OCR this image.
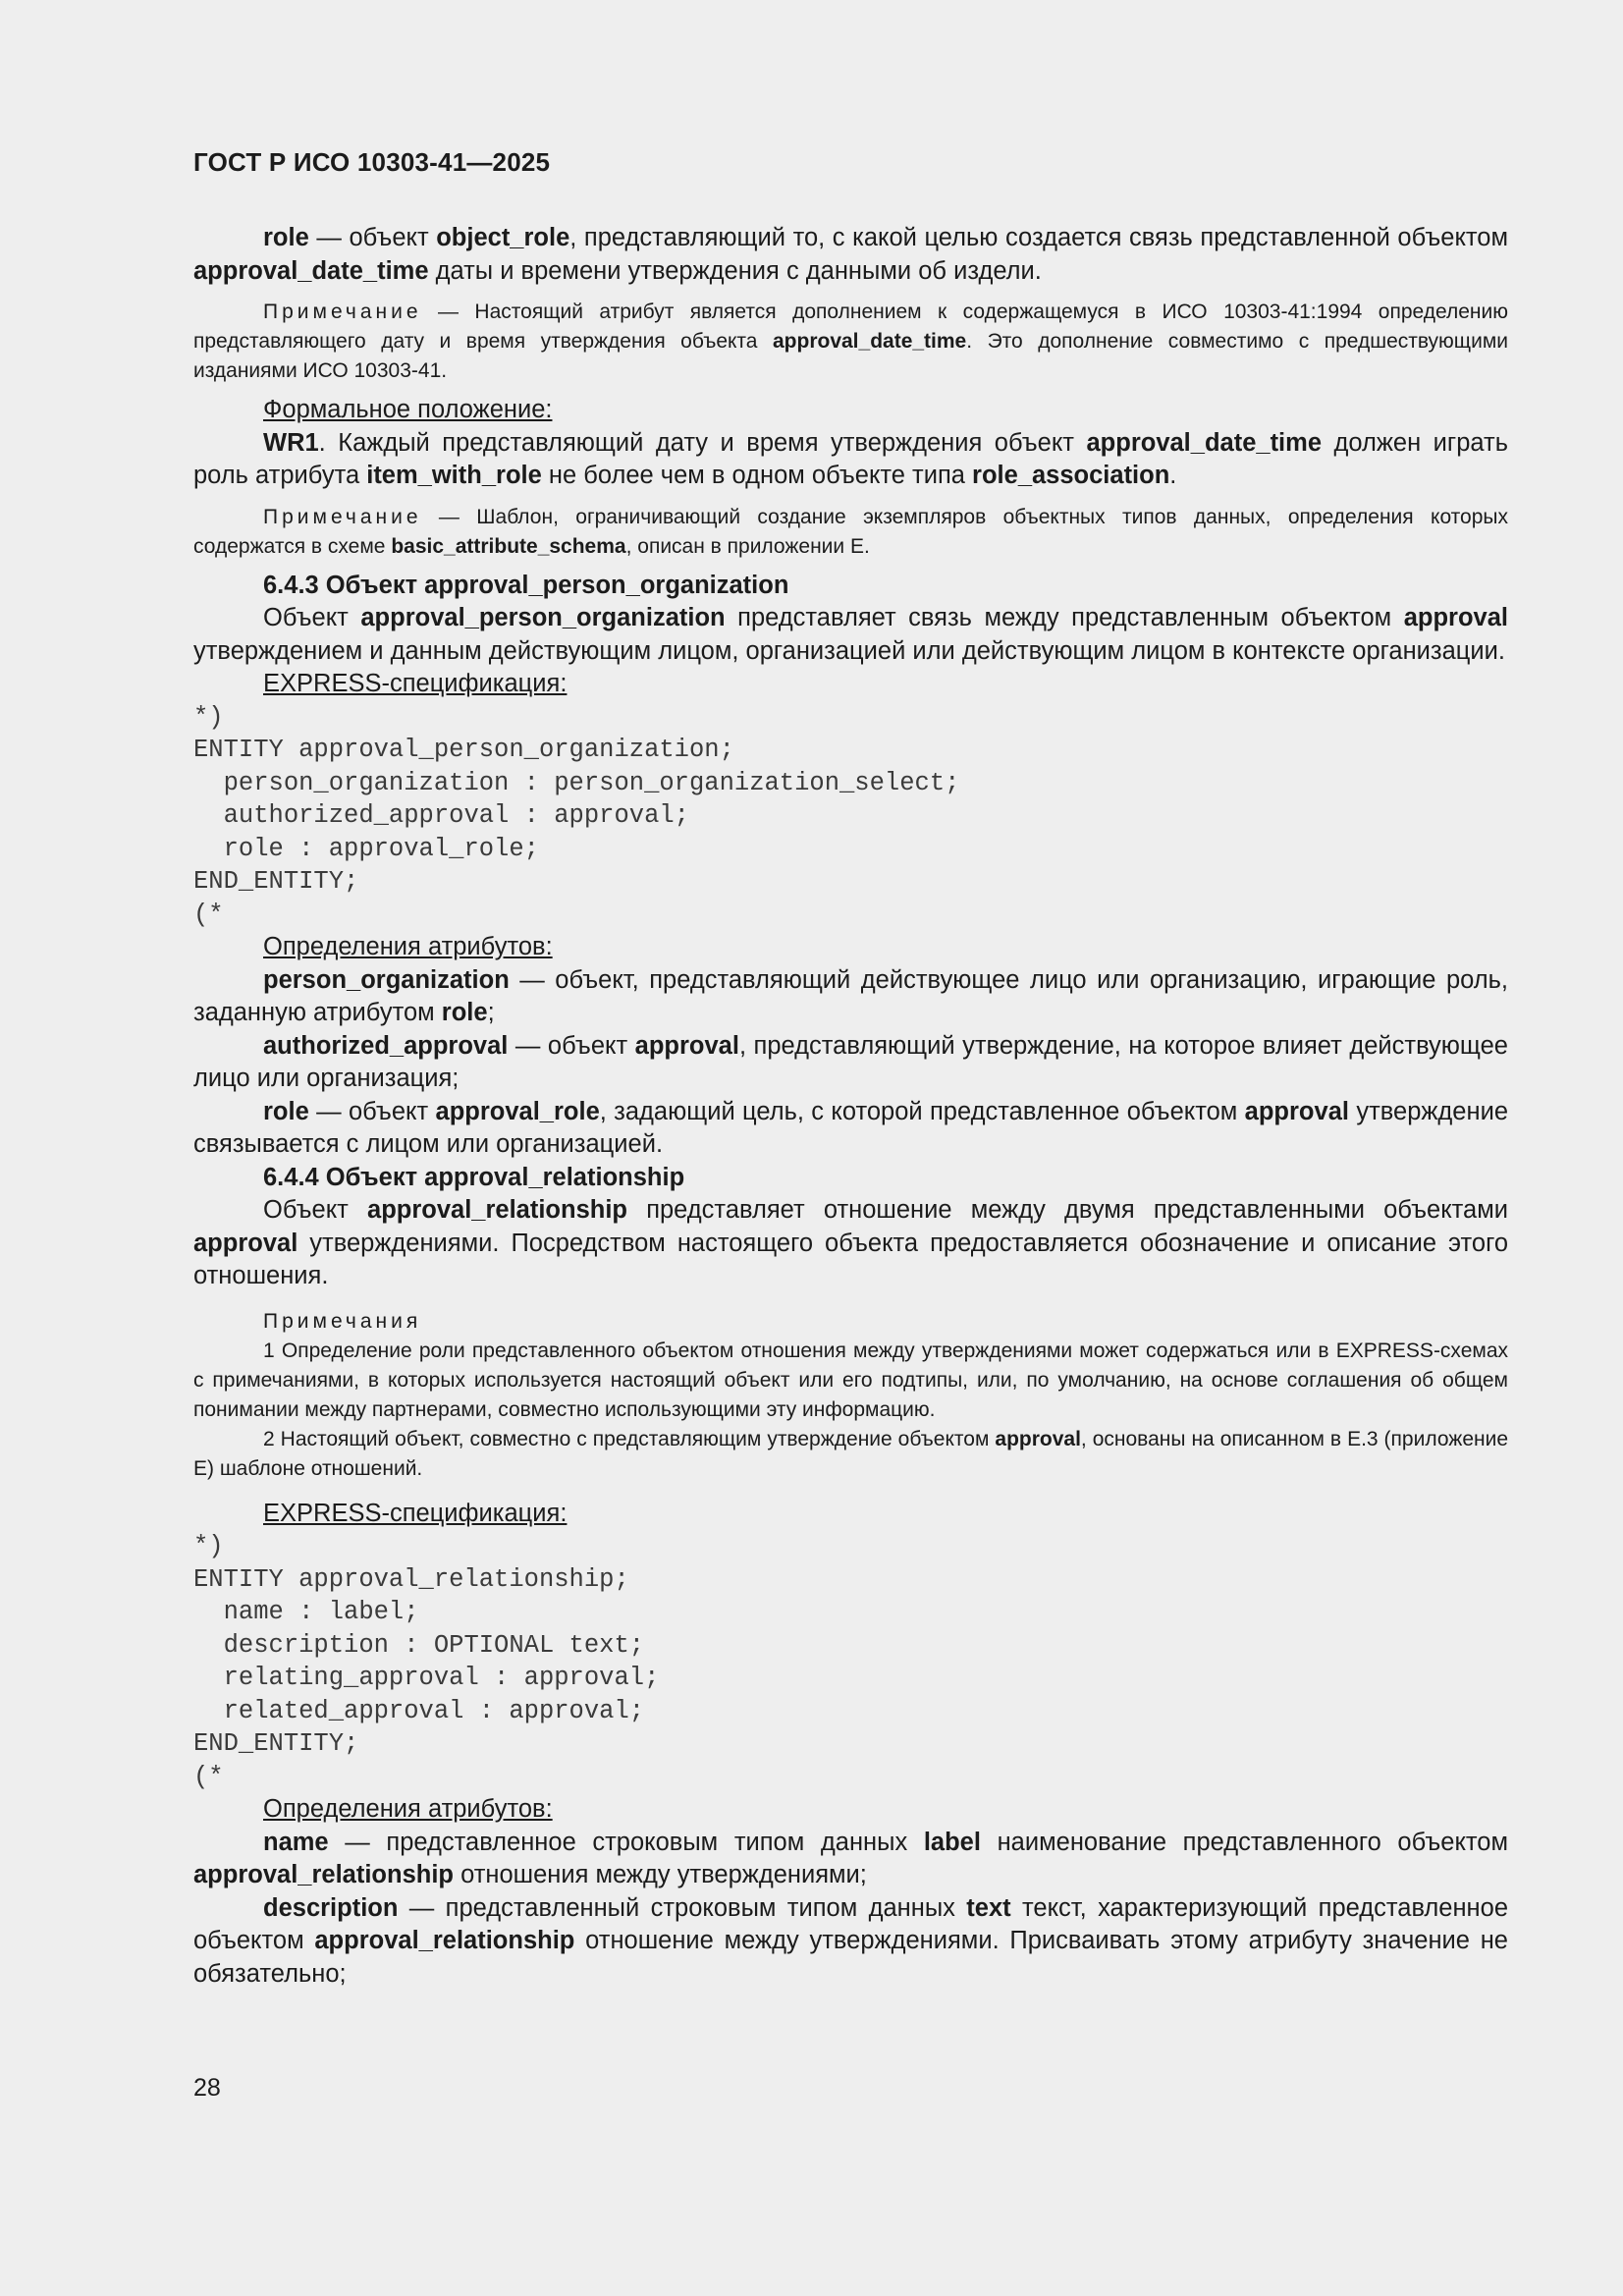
ГОСТ Р ИСО 10303-41—2025

role — объект object_role, представляющий то, с какой целью создается связь представленной объектом approval_date_time даты и времени утверждения с данными об издели.

Примечание — Настоящий атрибут является дополнением к содержащемуся в ИСО 10303-41:1994 определению представляющего дату и время утверждения объекта approval_date_time. Это дополнение совместимо с предшествующими изданиями ИСО 10303-41.

Формальное положение:

WR1. Каждый представляющий дату и время утверждения объект approval_date_time должен играть роль атрибута item_with_role не более чем в одном объекте типа role_association.

Примечание — Шаблон, ограничивающий создание экземпляров объектных типов данных, определения которых содержатся в схеме basic_attribute_schema, описан в приложении E.

6.4.3 Объект approval_person_organization

Объект approval_person_organization представляет связь между представленным объектом approval утверждением и данным действующим лицом, организацией или действующим лицом в контексте организации.

EXPRESS-спецификация:

*)
ENTITY approval_person_organization;
person_organization : person_organization_select;
authorized_approval : approval;
role : approval_role;
END_ENTITY;
(*

Определения атрибутов:

person_organization — объект, представляющий действующее лицо или организацию, играющие роль, заданную атрибутом role;

authorized_approval — объект approval, представляющий утверждение, на которое влияет действующее лицо или организация;

role — объект approval_role, задающий цель, с которой представленное объектом approval утверждение связывается с лицом или организацией.

6.4.4 Объект approval_relationship

Объект approval_relationship представляет отношение между двумя представленными объектами approval утверждениями. Посредством настоящего объекта предоставляется обозначение и описание этого отношения.

Примечания

1 Определение роли представленного объектом отношения между утверждениями может содержаться или в EXPRESS-схемах с примечаниями, в которых используется настоящий объект или его подтипы, или, по умолчанию, на основе соглашения об общем понимании между партнерами, совместно использующими эту информацию.

2 Настоящий объект, совместно с представляющим утверждение объектом approval, основаны на описанном в E.3 (приложение E) шаблоне отношений.

EXPRESS-спецификация:

*)
ENTITY approval_relationship;
name : label;
description : OPTIONAL text;
relating_approval : approval;
related_approval : approval;
END_ENTITY;
(*

Определения атрибутов:

name — представленное строковым типом данных label наименование представленного объектом approval_relationship отношения между утверждениями;

description — представленный строковым типом данных text текст, характеризующий представленное объектом approval_relationship отношение между утверждениями. Присваивать этому атрибуту значение не обязательно;

28
